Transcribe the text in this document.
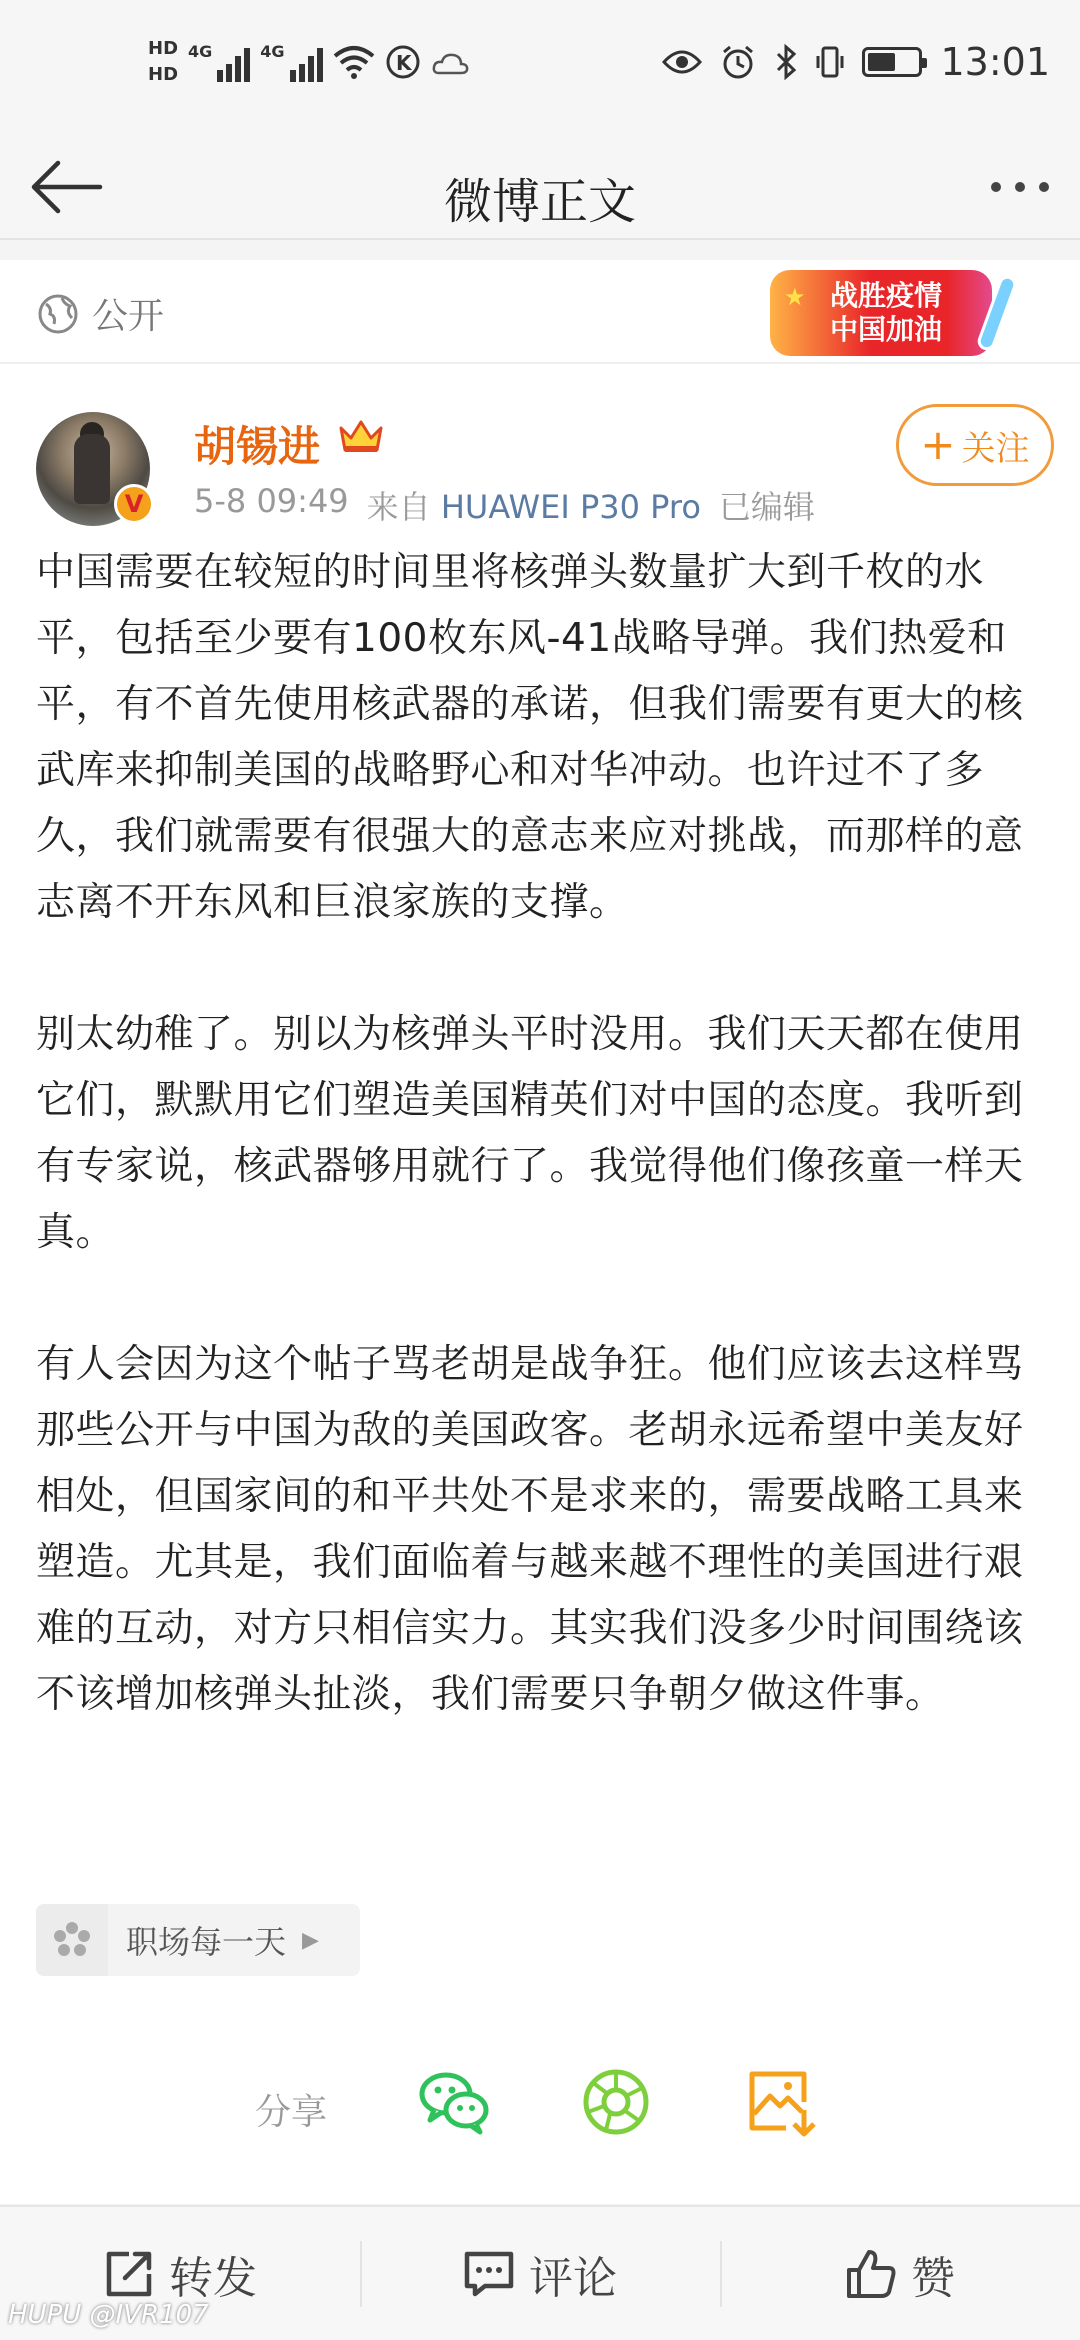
HD
HD
4G	4G	K	13:01
微博正文
公开	★ 战胜疫情
中国加油
V
胡锡进
5-8 09:49 来自 HUAWEI P30 Pro 已编辑
+ 关注

中国需要在较短的时间里将核弹头数量扩大到千枚的水平，包括至少要有100枚东风-41战略导弹。我们热爱和平，有不首先使用核武器的承诺，但我们需要有更大的核武库来抑制美国的战略野心和对华冲动。也许过不了多久，我们就需要有很强大的意志来应对挑战，而那样的意志离不开东风和巨浪家族的支撑。

别太幼稚了。别以为核弹头平时没用。我们天天都在使用它们，默默用它们塑造美国精英们对中国的态度。我听到有专家说，核武器够用就行了。我觉得他们像孩童一样天真。

有人会因为这个帖子骂老胡是战争狂。他们应该去这样骂那些公开与中国为敌的美国政客。老胡永远希望中美友好相处，但国家间的和平共处不是求来的，需要战略工具来塑造。尤其是，我们面临着与越来越不理性的美国进行艰难的互动，对方只相信实力。其实我们没多少时间围绕该不该增加核弹头扯淡，我们需要只争朝夕做这件事。

职场每一天 ▶
分享
转发	评论	赞
HUPU @IVR107
